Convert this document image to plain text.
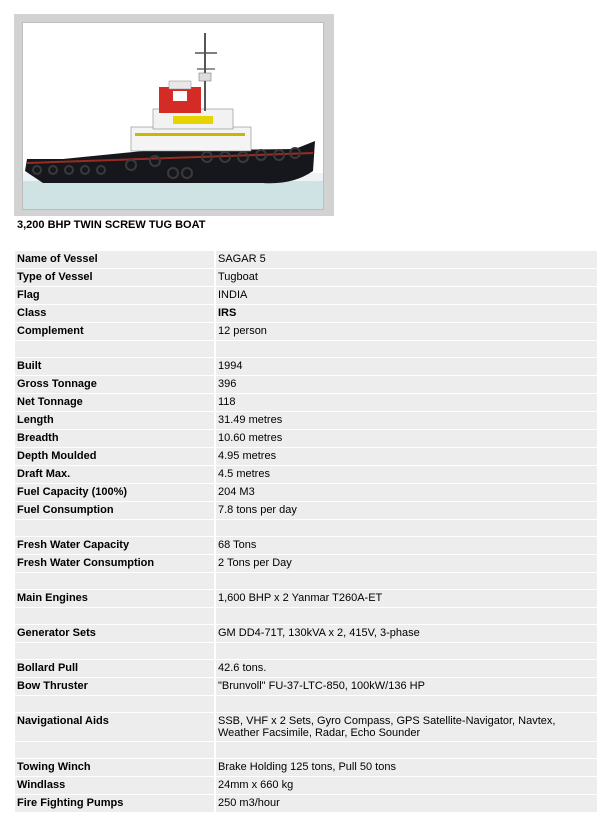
3,200 BHP TWIN SCREW TUG BOAT
Name of Vessel	SAGAR 5
Type of Vessel	Tugboat
Flag	INDIA
Class	IRS
Complement	12 person
Built	1994
Gross Tonnage	396
Net Tonnage	118
Length	31.49 metres
Breadth	10.60 metres
Depth Moulded	4.95 metres
Draft Max.	4.5 metres
Fuel Capacity (100%)	204 M3
Fuel Consumption	7.8 tons per day
Fresh Water Capacity	68 Tons
Fresh Water Consumption	2 Tons per Day
Main Engines	1,600 BHP x 2 Yanmar T260A-ET
Generator Sets	GM DD4-71T, 130kVA x 2, 415V, 3-phase
Bollard Pull	42.6 tons.
Bow Thruster	"Brunvoll" FU-37-LTC-850, 100kW/136 HP
Navigational Aids	SSB, VHF x 2 Sets, Gyro Compass, GPS Satellite-Navigator, Navtex, Weather Facsimile, Radar, Echo Sounder
Towing Winch	Brake Holding 125 tons, Pull 50 tons
Windlass	24mm x 660 kg
Fire Fighting Pumps	250 m3/hour
